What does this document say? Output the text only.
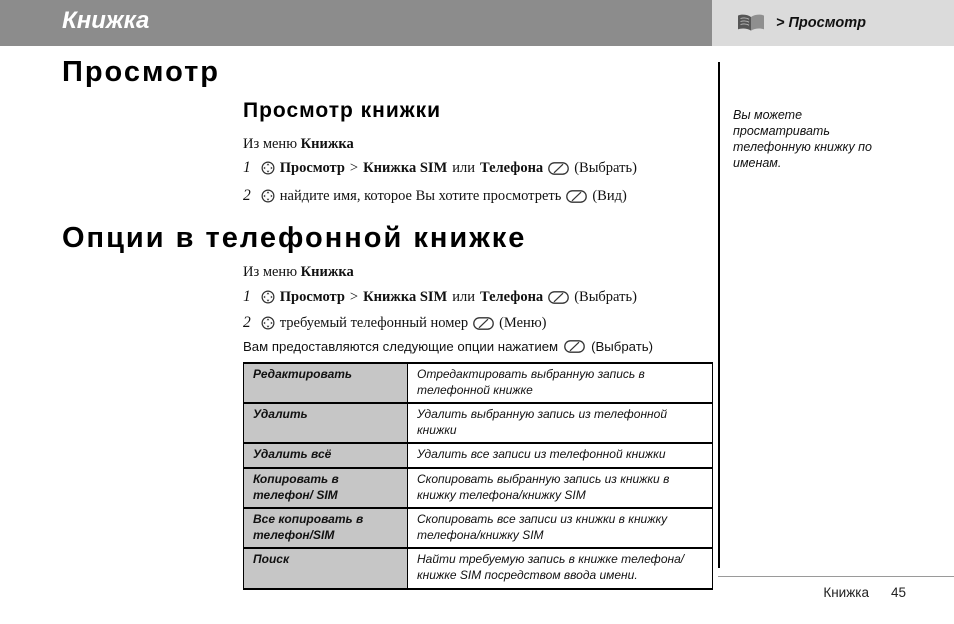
Книжка	> Просмотр
Просмотр
Просмотр книжки

Из меню Книжка

1 Просмотр > Книжка SIM или Телефона (Выбрать)
2 найдите имя, которое Вы хотите просмотреть (Вид)
Опции в телефонной книжке

Из меню Книжка

1 Просмотр > Книжка SIM или Телефона (Выбрать)
2 требуемый телефонный номер (Меню)
Вам предоставляются следующие опции нажатием	(Выбрать)
Редактировать	Отредактировать выбранную запись в телефонной книжке
Удалить	Удалить выбранную запись из телефонной книжки
Удалить всё	Удалить все записи из телефонной книжки
Копировать в телефон/ SIM	Скопировать выбранную запись из книжки в книжку телефона/книжку SIM
Все копировать в телефон/SIM	Скопировать все записи из книжки в книжку телефона/книжку SIM
Поиск	Найти требуемую запись в книжке телефона/ книжке SIM посредством ввода имени.
Вы можете просматривать телефонную книжку по именам.
Книжка 45
